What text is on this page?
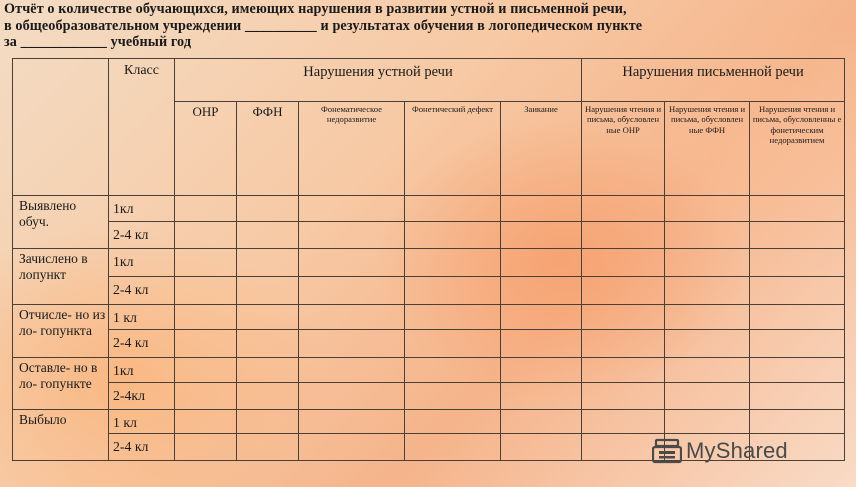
Отчёт о количестве обучающихся, имеющих нарушения в развитии устной и письменной речи,
в общеобразовательном учреждении __________ и результатах обучения в логопедическом пункте
за ____________ учебный год
	Класс	Нарушения устной речи					Нарушения письменной речи		
		ОНР	ФФН	Фонематическое недоразвитие	Фонетический дефект	Заикание	Нарушения чтения и письма, обусловлен ные ОНР	Нарушения чтения и письма, обусловлен ные ФФН	Нарушения чтения и письма, обусловленны е фонетическим недоразвитием
Выявлено обуч.	1кл								
	2-4 кл								
Зачислено в лопункт	1кл								
	2-4 кл								
Отчисле- но из ло- гопункта	1 кл								
	2-4 кл								
Оставле- но в ло- гопункте	1кл								
	2-4кл								
Выбыло	1 кл								
	2-4 кл									MyShared
